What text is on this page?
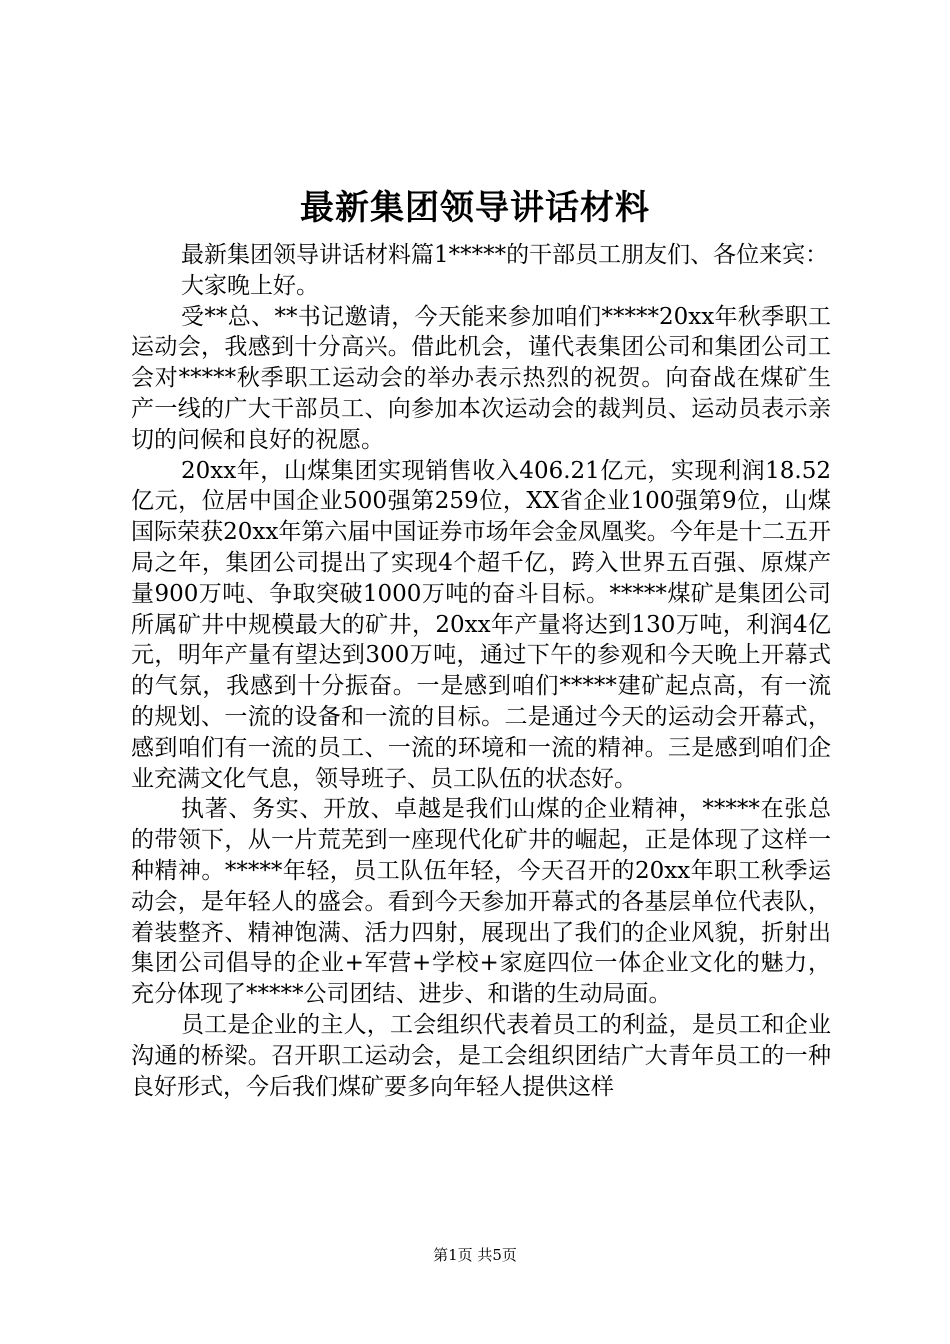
最新集团领导讲话材料

最新集团领导讲话材料篇1*****的干部员工朋友们、各位来宾：

大家晚上好。

受**总、**书记邀请，今天能来参加咱们*****20xx年秋季职工运动会，我感到十分高兴。借此机会，谨代表集团公司和集团公司工会对*****秋季职工运动会的举办表示热烈的祝贺。向奋战在煤矿生产一线的广大干部员工、向参加本次运动会的裁判员、运动员表示亲切的问候和良好的祝愿。

20xx年，山煤集团实现销售收入406.21亿元，实现利润18.52亿元，位居中国企业500强第259位，XX省企业100强第9位，山煤国际荣获20xx年第六届中国证券市场年会金凤凰奖。今年是十二五开局之年，集团公司提出了实现4个超千亿，跨入世界五百强、原煤产量900万吨、争取突破1000万吨的奋斗目标。*****煤矿是集团公司所属矿井中规模最大的矿井，20xx年产量将达到130万吨，利润4亿元，明年产量有望达到300万吨，通过下午的参观和今天晚上开幕式的气氛，我感到十分振奋。一是感到咱们*****建矿起点高，有一流的规划、一流的设备和一流的目标。二是通过今天的运动会开幕式，感到咱们有一流的员工、一流的环境和一流的精神。三是感到咱们企业充满文化气息，领导班子、员工队伍的状态好。

执著、务实、开放、卓越是我们山煤的企业精神，*****在张总的带领下，从一片荒芜到一座现代化矿井的崛起，正是体现了这样一种精神。*****年轻，员工队伍年轻，今天召开的20xx年职工秋季运动会，是年轻人的盛会。看到今天参加开幕式的各基层单位代表队，着装整齐、精神饱满、活力四射，展现出了我们的企业风貌，折射出集团公司倡导的企业+军营+学校+家庭四位一体企业文化的魅力，充分体现了*****公司团结、进步、和谐的生动局面。

员工是企业的主人，工会组织代表着员工的利益，是员工和企业沟通的桥梁。召开职工运动会，是工会组织团结广大青年员工的一种良好形式，今后我们煤矿要多向年轻人提供这样

第1页 共5页
